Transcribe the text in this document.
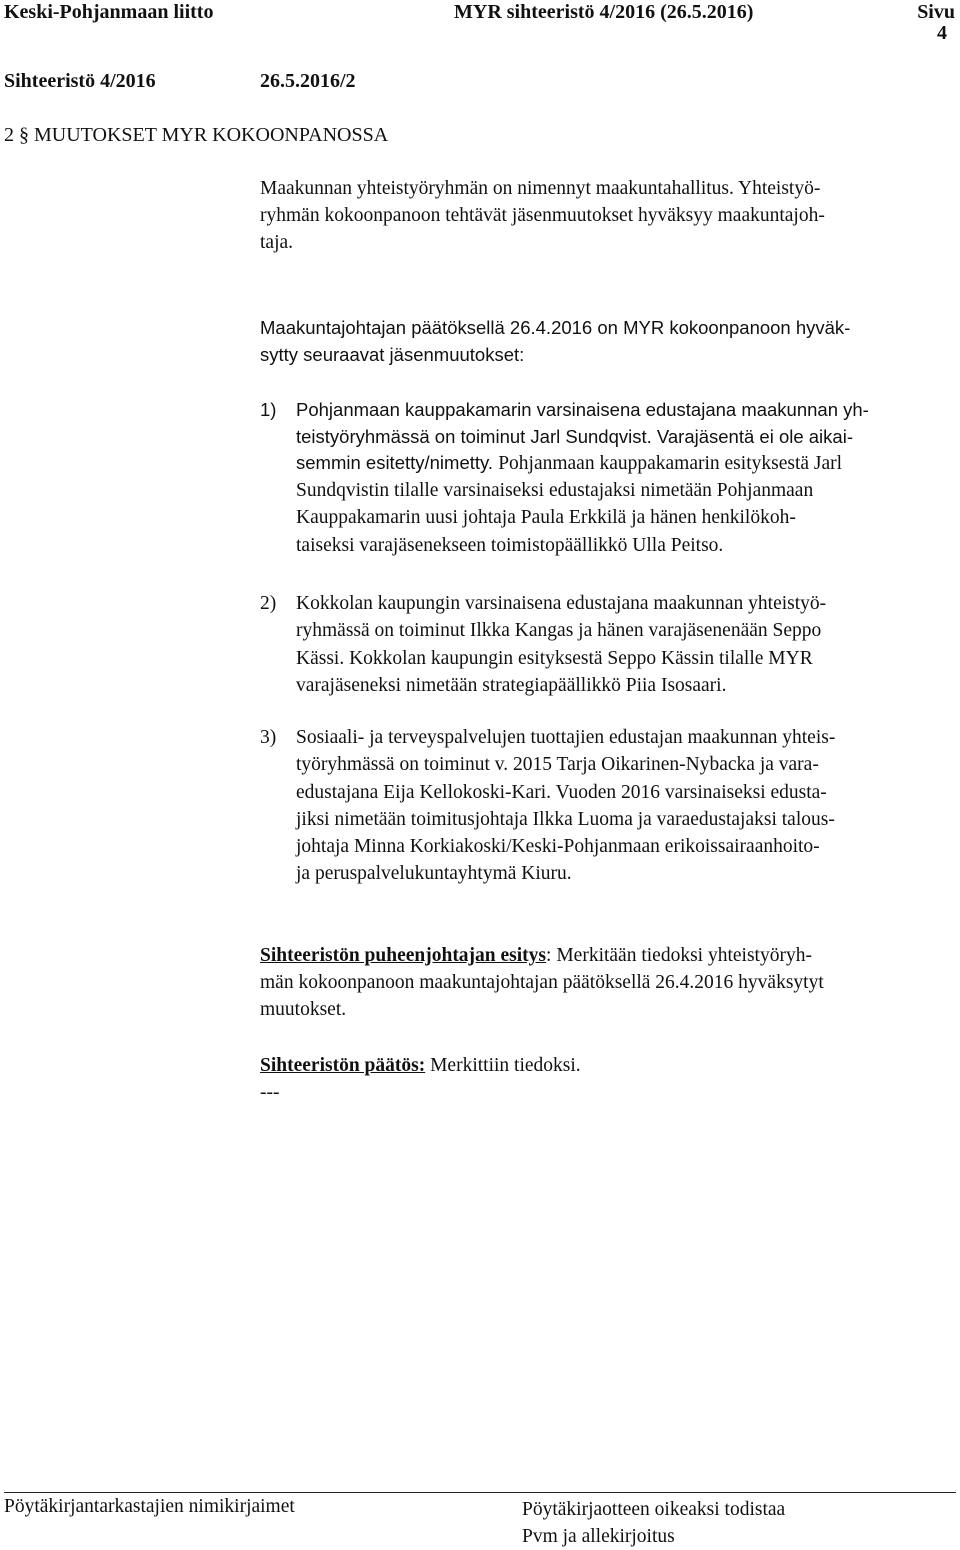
Keski-Pohjanmaan liitto	MYR sihteeristö 4/2016 (26.5.2016)	Sivu
4
Sihteeristö 4/2016	26.5.2016/2
2 § MUUTOKSET MYR KOKOONPANOSSA
Maakunnan yhteistyöryhmän on nimennyt maakuntahallitus. Yhteistyö-
ryhmän kokoonpanoon tehtävät jäsenmuutokset hyväksyy maakuntajoh-
taja.
Maakuntajohtajan päätöksellä 26.4.2016 on MYR kokoonpanoon hyväk-
sytty seuraavat jäsenmuutokset:
1) Pohjanmaan kauppakamarin varsinaisena edustajana maakunnan yh-
teistyöryhmässä on toiminut Jarl Sundqvist. Varajäsentä ei ole aikai-
semmin esitetty/nimetty. Pohjanmaan kauppakamarin esityksestä Jarl
Sundqvistin tilalle varsinaiseksi edustajaksi nimetään Pohjanmaan
Kauppakamarin uusi johtaja Paula Erkkilä ja hänen henkilökoh-
taiseksi varajäsenekseen toimistopäällikkö Ulla Peitso.
2) Kokkolan kaupungin varsinaisena edustajana maakunnan yhteistyö-
ryhmässä on toiminut Ilkka Kangas ja hänen varajäsenenään Seppo
Kässi. Kokkolan kaupungin esityksestä Seppo Kässin tilalle MYR
varajäseneksi nimetään strategiapäällikkö Piia Isosaari.
3) Sosiaali- ja terveyspalvelujen tuottajien edustajan maakunnan yhteis-
työryhmässä on toiminut v. 2015 Tarja Oikarinen-Nybacka ja vara-
edustajana Eija Kellokoski-Kari. Vuoden 2016 varsinaiseksi edusta-
jiksi nimetään toimitusjohtaja Ilkka Luoma ja varaedustajaksi talous-
johtaja Minna Korkiakoski/Keski-Pohjanmaan erikoissairaanhoito-
ja peruspalvelukuntayhtymä Kiuru.
Sihteeristön puheenjohtajan esitys: Merkitään tiedoksi yhteistyöryh-
män kokoonpanoon maakuntajohtajan päätöksellä 26.4.2016 hyväksytyt
muutokset.
Sihteeristön päätös: Merkittiin tiedoksi.
---
Pöytäkirjantarkastajien nimikirjaimet	Pöytäkirjaotteen oikeaksi todistaa
Pvm ja allekirjoitus
